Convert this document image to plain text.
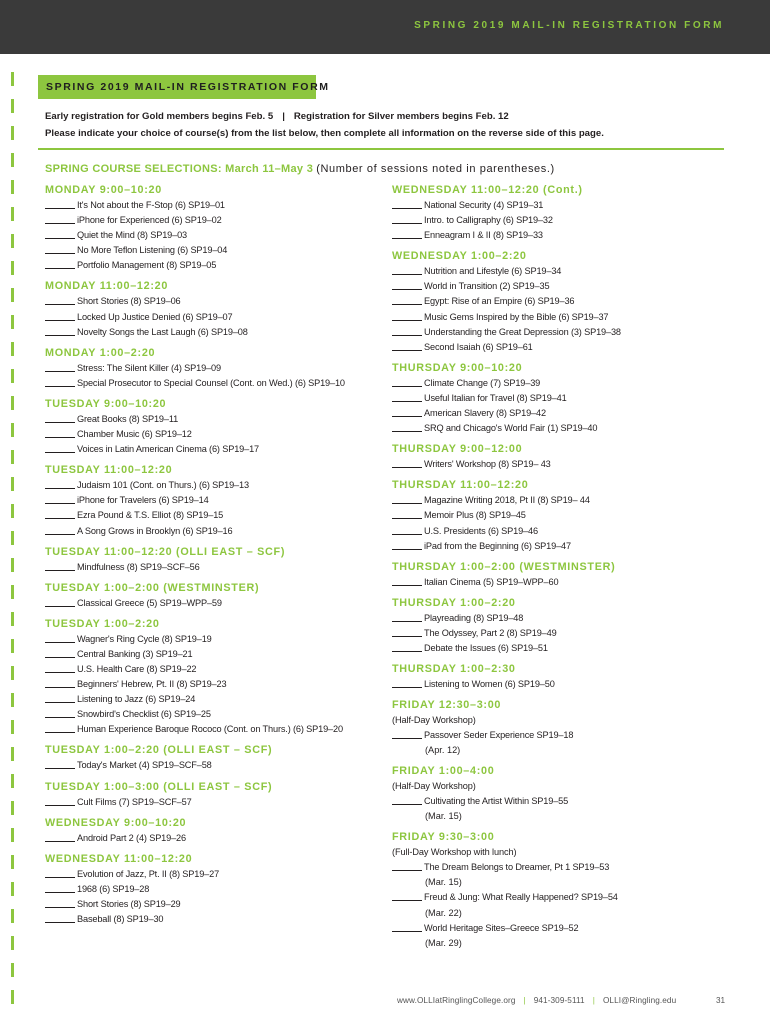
SPRING 2019 MAIL-IN REGISTRATION FORM
SPRING 2019 MAIL-IN REGISTRATION FORM
Early registration for Gold members begins Feb. 5 | Registration for Silver members begins Feb. 12
Please indicate your choice of course(s) from the list below, then complete all information on the reverse side of this page.
SPRING COURSE SELECTIONS: March 11–May 3 (Number of sessions noted in parentheses.)
MONDAY 9:00–10:20
It's Not about the F-Stop (6) SP19–01
iPhone for Experienced (6) SP19–02
Quiet the Mind (8) SP19–03
No More Teflon Listening (6) SP19–04
Portfolio Management (8) SP19–05
MONDAY 11:00–12:20
Short Stories (8) SP19–06
Locked Up Justice Denied (6) SP19–07
Novelty Songs the Last Laugh (6) SP19–08
MONDAY 1:00–2:20
Stress: The Silent Killer (4) SP19–09
Special Prosecutor to Special Counsel (Cont. on Wed.) (6) SP19–10
TUESDAY 9:00–10:20
Great Books (8) SP19–11
Chamber Music (6) SP19–12
Voices in Latin American Cinema (6) SP19–17
TUESDAY 11:00–12:20
Judaism 101 (Cont. on Thurs.) (6) SP19–13
iPhone for Travelers (6) SP19–14
Ezra Pound & T.S. Elliot (8) SP19–15
A Song Grows in Brooklyn (6) SP19–16
TUESDAY 11:00–12:20 (OLLI EAST – SCF)
Mindfulness (8) SP19–SCF–56
TUESDAY 1:00–2:00 (WESTMINSTER)
Classical Greece (5) SP19–WPP–59
TUESDAY 1:00–2:20
Wagner's Ring Cycle (8) SP19–19
Central Banking (3) SP19–21
U.S. Health Care (8) SP19–22
Beginners' Hebrew, Pt. II (8) SP19–23
Listening to Jazz (6) SP19–24
Snowbird's Checklist (6) SP19–25
Human Experience Baroque Rococo (Cont. on Thurs.) (6) SP19–20
TUESDAY 1:00–2:20 (OLLI EAST – SCF)
Today's Market (4) SP19–SCF–58
TUESDAY 1:00–3:00 (OLLI EAST – SCF)
Cult Films (7) SP19–SCF–57
WEDNESDAY 9:00–10:20
Android Part 2 (4) SP19–26
WEDNESDAY 11:00–12:20
Evolution of Jazz, Pt. II (8) SP19–27
1968 (6) SP19–28
Short Stories (8) SP19–29
Baseball (8) SP19–30
WEDNESDAY 11:00–12:20 (Cont.)
National Security (4) SP19–31
Intro. to Calligraphy (6) SP19–32
Enneagram I & II (8) SP19–33
WEDNESDAY 1:00–2:20
Nutrition and Lifestyle (6) SP19–34
World in Transition (2) SP19–35
Egypt: Rise of an Empire (6) SP19–36
Music Gems Inspired by the Bible (6) SP19–37
Understanding the Great Depression (3) SP19–38
Second Isaiah (6) SP19–61
THURSDAY 9:00–10:20
Climate Change (7) SP19–39
Useful Italian for Travel (8) SP19–41
American Slavery (8) SP19–42
SRQ and Chicago's World Fair (1) SP19–40
THURSDAY 9:00–12:00
Writers' Workshop (8) SP19– 43
THURSDAY 11:00–12:20
Magazine Writing 2018, Pt II (8) SP19– 44
Memoir Plus (8) SP19–45
U.S. Presidents (6) SP19–46
iPad from the Beginning (6) SP19–47
THURSDAY 1:00–2:00 (WESTMINSTER)
Italian Cinema (5) SP19–WPP–60
THURSDAY 1:00–2:20
Playreading (8) SP19–48
The Odyssey, Part 2 (8) SP19–49
Debate the Issues (6) SP19–51
THURSDAY 1:00–2:30
Listening to Women (6) SP19–50
FRIDAY 12:30–3:00
(Half-Day Workshop)
Passover Seder Experience SP19–18
(Apr. 12)
FRIDAY 1:00–4:00
(Half-Day Workshop)
Cultivating the Artist Within SP19–55
(Mar. 15)
FRIDAY 9:30–3:00
(Full-Day Workshop with lunch)
The Dream Belongs to Dreamer, Pt 1 SP19–53
(Mar. 15)
Freud & Jung: What Really Happened? SP19–54
(Mar. 22)
World Heritage Sites–Greece SP19–52
(Mar. 29)
www.OLLIatRinglingCollege.org | 941-309-5111 | OLLI@Ringling.edu	31
